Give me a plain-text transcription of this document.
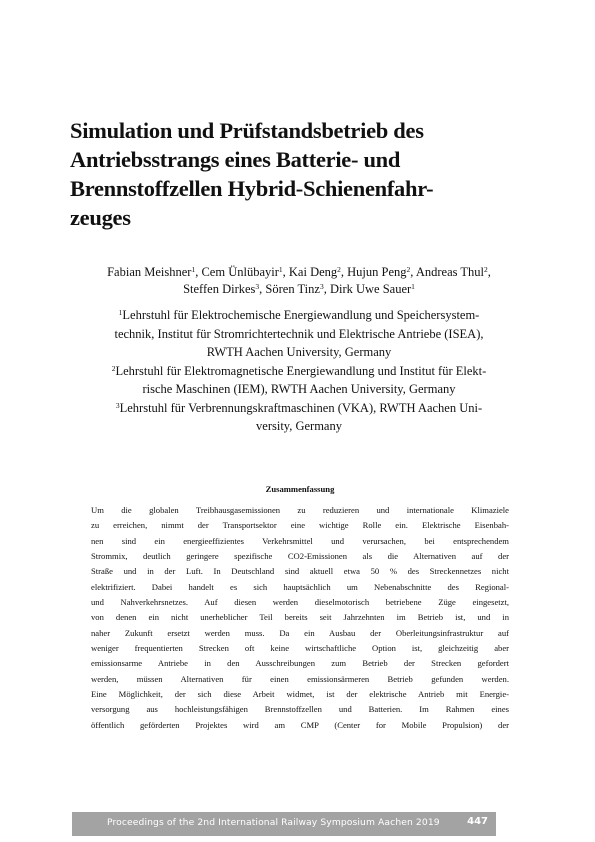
Simulation und Prüfstandsbetrieb des
Antriebsstrangs eines Batterie- und
Brennstoffzellen Hybrid-Schienenfahr-
zeuges
Fabian Meishner$^1$, Cem Ünlübayir$^1$, Kai Deng$^2$, Hujun Peng$^2$, Andreas Thul$^2$,
Steffen Dirkes$^3$, Sören Tinz$^3$, Dirk Uwe Sauer$^1$
$^1$Lehrstuhl für Elektrochemische Energiewandlung und Speichersystem-
technik, Institut für Stromrichtertechnik und Elektrische Antriebe (ISEA),
RWTH Aachen University, Germany
$^2$Lehrstuhl für Elektromagnetische Energiewandlung und Institut für Elekt-
rische Maschinen (IEM), RWTH Aachen University, Germany
$^3$Lehrstuhl für Verbrennungskraftmaschinen (VKA), RWTH Aachen Uni-
versity, Germany
Zusammenfassung
Um die globalen Treibhausgasemissionen zu reduzieren und internationale Klimaziele
zu erreichen, nimmt der Transportsektor eine wichtige Rolle ein. Elektrische Eisenbah-
nen sind ein energieeffizientes Verkehrsmittel und verursachen, bei entsprechendem
Strommix, deutlich geringere spezifische CO2-Emissionen als die Alternativen auf der
Straße und in der Luft. In Deutschland sind aktuell etwa 50 % des Streckennetzes nicht
elektrifiziert. Dabei handelt es sich hauptsächlich um Nebenabschnitte des Regional-
und Nahverkehrsnetzes. Auf diesen werden dieselmotorisch betriebene Züge eingesetzt,
von denen ein nicht unerheblicher Teil bereits seit Jahrzehnten im Betrieb ist, und in
naher Zukunft ersetzt werden muss. Da ein Ausbau der Oberleitungsinfrastruktur auf
weniger frequentierten Strecken oft keine wirtschaftliche Option ist, gleichzeitig aber
emissionsarme Antriebe in den Ausschreibungen zum Betrieb der Strecken gefordert
werden, müssen Alternativen für einen emissionsärmeren Betrieb gefunden werden.
Eine Möglichkeit, der sich diese Arbeit widmet, ist der elektrische Antrieb mit Energie-
versorgung aus hochleistungsfähigen Brennstoffzellen und Batterien. Im Rahmen eines
öffentlich geförderten Projektes wird am CMP (Center for Mobile Propulsion) der
Proceedings of the 2nd International Railway Symposium Aachen 2019	447
